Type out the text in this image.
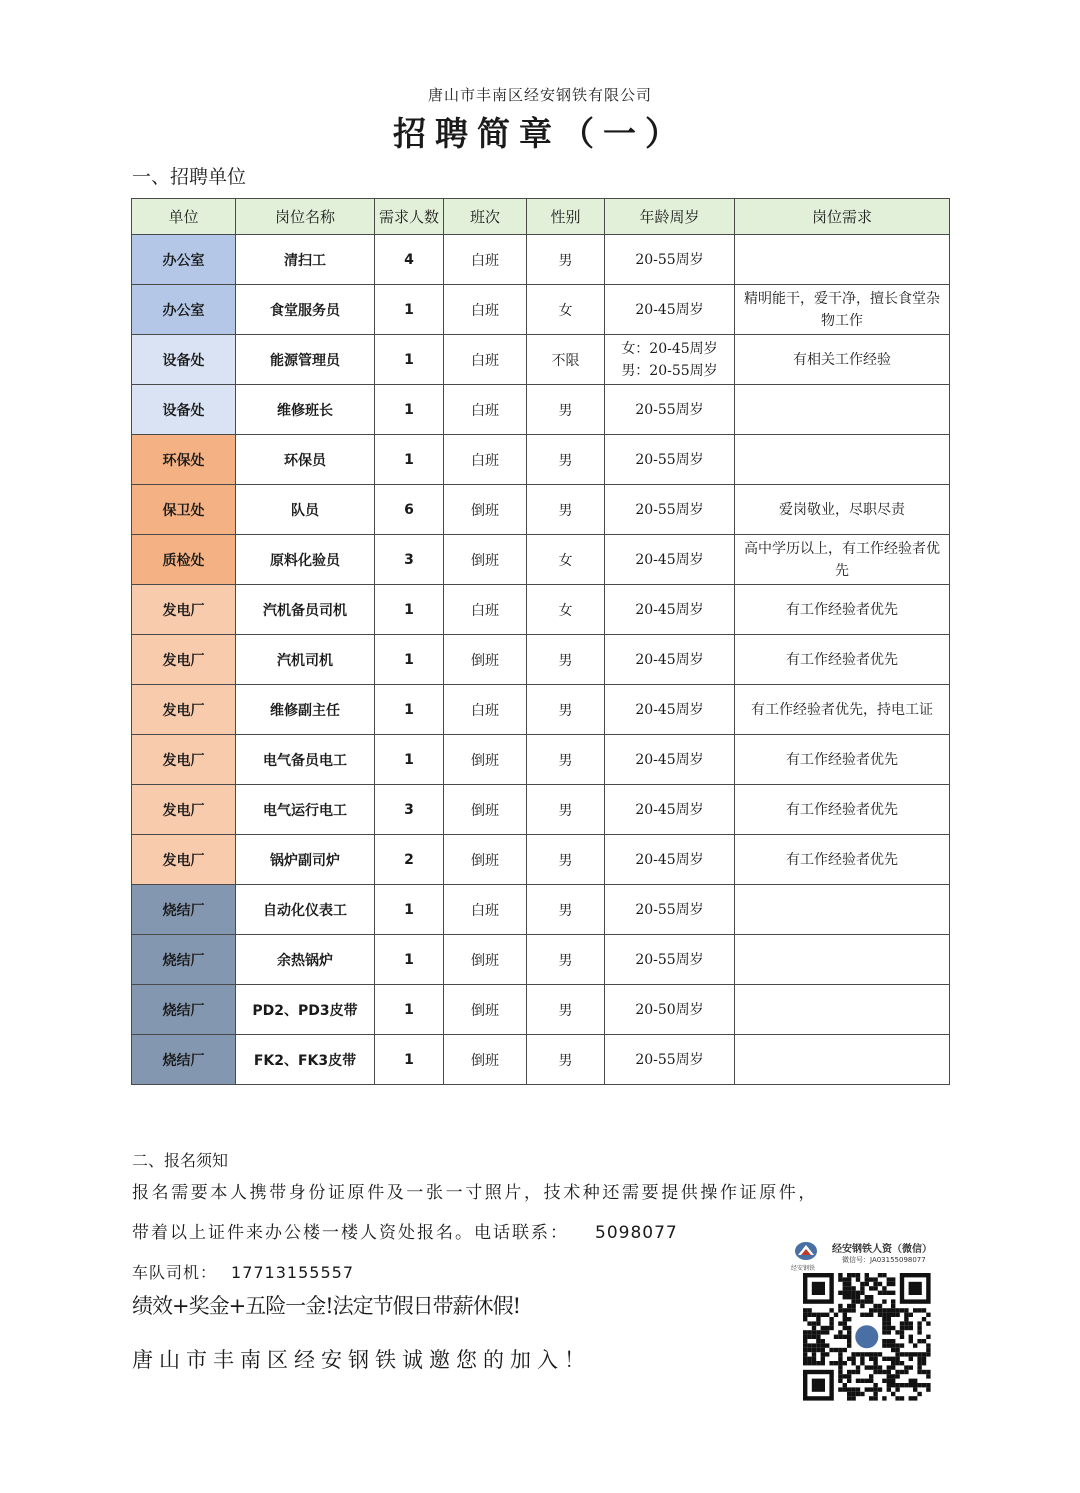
唐山市丰南区经安钢铁有限公司
招聘简章（一）
一、招聘单位
单位	岗位名称	需求人数	班次	性别	年龄周岁	岗位需求
办公室	清扫工	4	白班	男	20-55周岁	
办公室	食堂服务员	1	白班	女	20-45周岁	精明能干，爱干净，擅长食堂杂物工作
设备处	能源管理员	1	白班	不限	女：20-45周岁 男：20-55周岁	有相关工作经验
设备处	维修班长	1	白班	男	20-55周岁	
环保处	环保员	1	白班	男	20-55周岁	
保卫处	队员	6	倒班	男	20-55周岁	爱岗敬业，尽职尽责
质检处	原料化验员	3	倒班	女	20-45周岁	高中学历以上，有工作经验者优先
发电厂	汽机备员司机	1	白班	女	20-45周岁	有工作经验者优先
发电厂	汽机司机	1	倒班	男	20-45周岁	有工作经验者优先
发电厂	维修副主任	1	白班	男	20-45周岁	有工作经验者优先，持电工证
发电厂	电气备员电工	1	倒班	男	20-45周岁	有工作经验者优先
发电厂	电气运行电工	3	倒班	男	20-45周岁	有工作经验者优先
发电厂	锅炉副司炉	2	倒班	男	20-45周岁	有工作经验者优先
烧结厂	自动化仪表工	1	白班	男	20-55周岁	
烧结厂	余热锅炉	1	倒班	男	20-55周岁	
烧结厂	PD2、PD3皮带	1	倒班	男	20-50周岁	
烧结厂	FK2、FK3皮带	1	倒班	男	20-55周岁	
二、报名须知
报名需要本人携带身份证原件及一张一寸照片，技术种还需要提供操作证原件，
带着以上证件来办公楼一楼人资处报名。电话联系： 5098077
车队司机： 17713155557
绩效+奖金+五险一金!法定节假日带薪休假!
唐山市丰南区经安钢铁诚邀您的加入！
经安钢铁
经安钢铁人资（微信）
微信号：JA03155098077
